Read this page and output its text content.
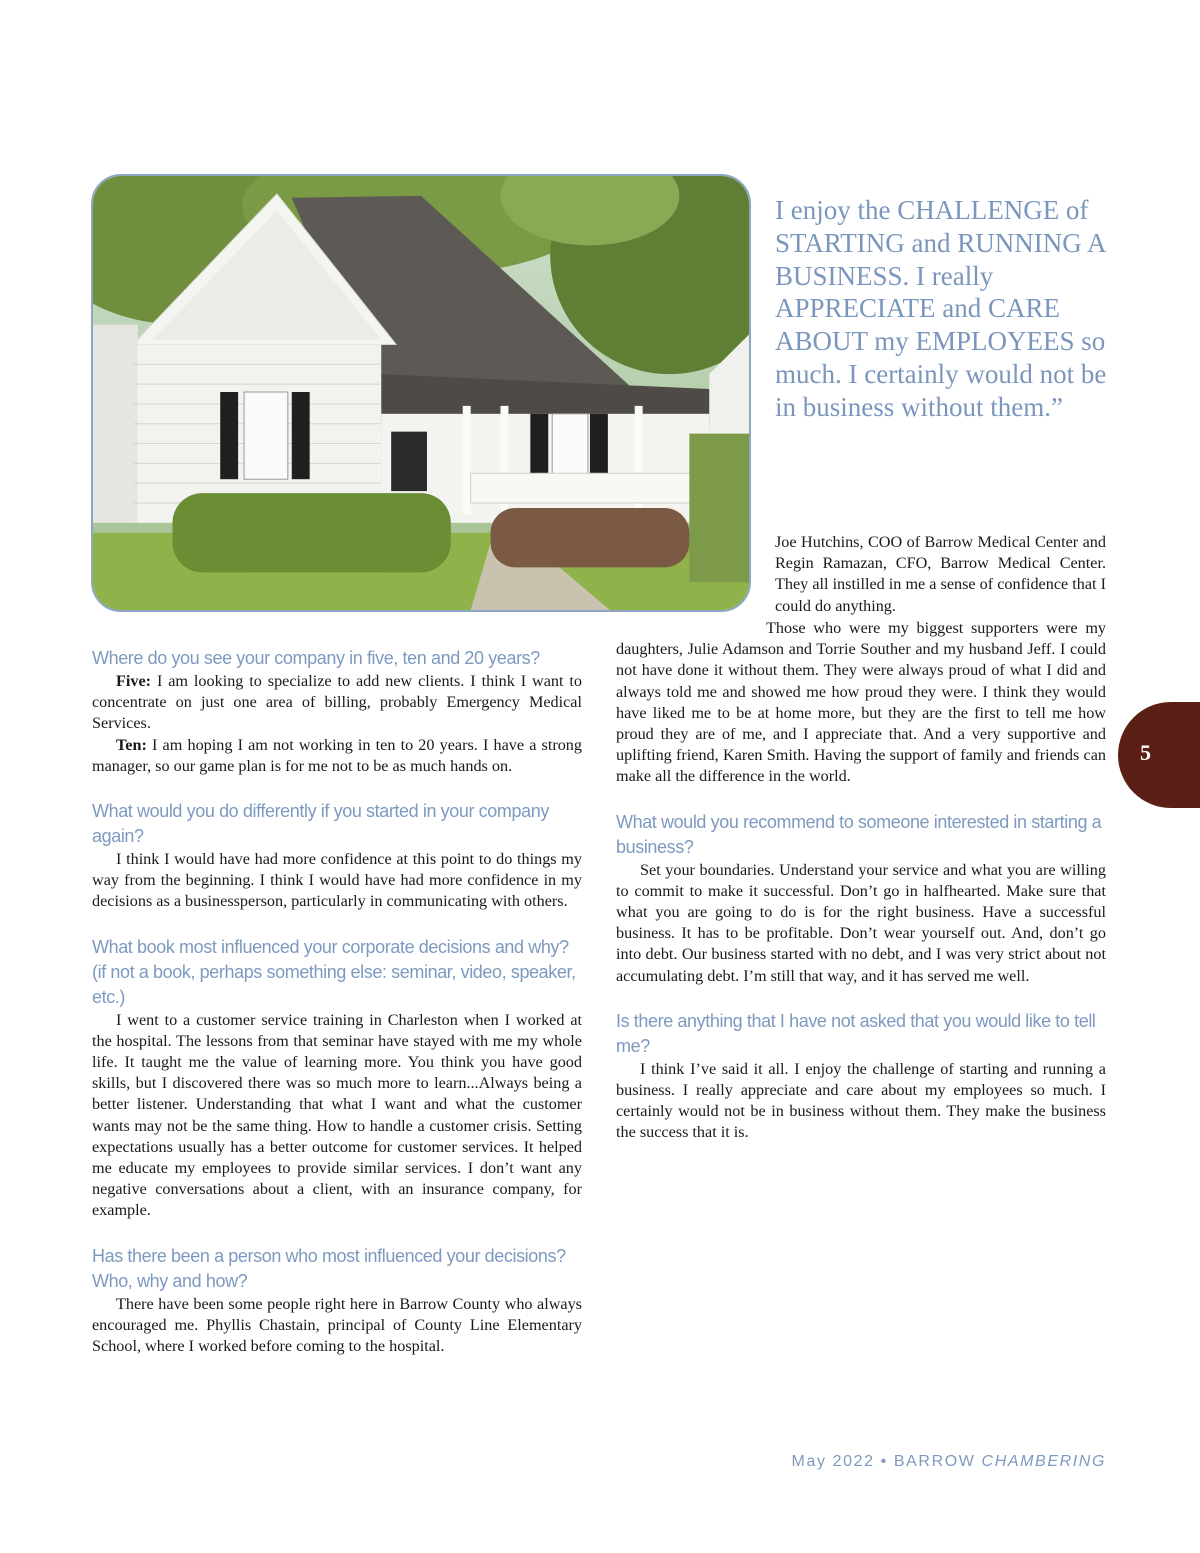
I enjoy the CHALLENGE of STARTING and RUNNING A BUSINESS. I really APPRECIATE and CARE ABOUT my EMPLOYEES so much. I certainly would not be in business without them.”

Joe Hutchins, COO of Barrow Medical Center and Regin Ramazan, CFO, Barrow Medical Center. They all instilled in me a sense of confidence that I could do anything.

Those who were my biggest supporters were my daughters, Julie Adamson and Torrie Souther and my husband Jeff. I could not have done it without them. They were always proud of what I did and always told me and showed me how proud they were. I think they would have liked me to be at home more, but they are the first to tell me how proud they are of me, and I appreciate that. And a very supportive and uplifting friend, Karen Smith. Having the support of family and friends can make all the difference in the world.

What would you recommend to someone interested in starting a business?

Set your boundaries. Understand your service and what you are willing to commit to make it successful. Don’t go in halfhearted. Make sure that what you are going to do is for the right business. Have a successful business. It has to be profitable. Don’t wear yourself out. And, don’t go into debt. Our business started with no debt, and I was very strict about not accumulating debt. I’m still that way, and it has served me well.

Is there anything that I have not asked that you would like to tell me?

I think I’ve said it all. I enjoy the challenge of starting and running a business. I really appreciate and care about my employees so much. I certainly would not be in business without them. They make the business the success that it is.

Where do you see your company in five, ten and 20 years?

Five: I am looking to specialize to add new clients. I think I want to concentrate on just one area of billing, probably Emergency Medical Services.

Ten: I am hoping I am not working in ten to 20 years. I have a strong manager, so our game plan is for me not to be as much hands on.

What would you do differently if you started in your company again?

I think I would have had more confidence at this point to do things my way from the beginning. I think I would have had more confidence in my decisions as a businessperson, particularly in communicating with others.

What book most influenced your corporate decisions and why? (if not a book, perhaps something else: seminar, video, speaker, etc.)

I went to a customer service training in Charleston when I worked at the hospital. The lessons from that seminar have stayed with me my whole life. It taught me the value of learning more. You think you have good skills, but I discovered there was so much more to learn...Always being a better listener. Understanding that what I want and what the customer wants may not be the same thing. How to handle a customer crisis. Setting expectations usually has a better outcome for customer services. It helped me educate my employees to provide similar services. I don’t want any negative conversations about a client, with an insurance company, for example.

Has there been a person who most influenced your decisions? Who, why and how?

There have been some people right here in Barrow County who always encouraged me. Phyllis Chastain, principal of County Line Elementary School, where I worked before coming to the hospital.

5
May 2022 • BARROW CHAMBERING
